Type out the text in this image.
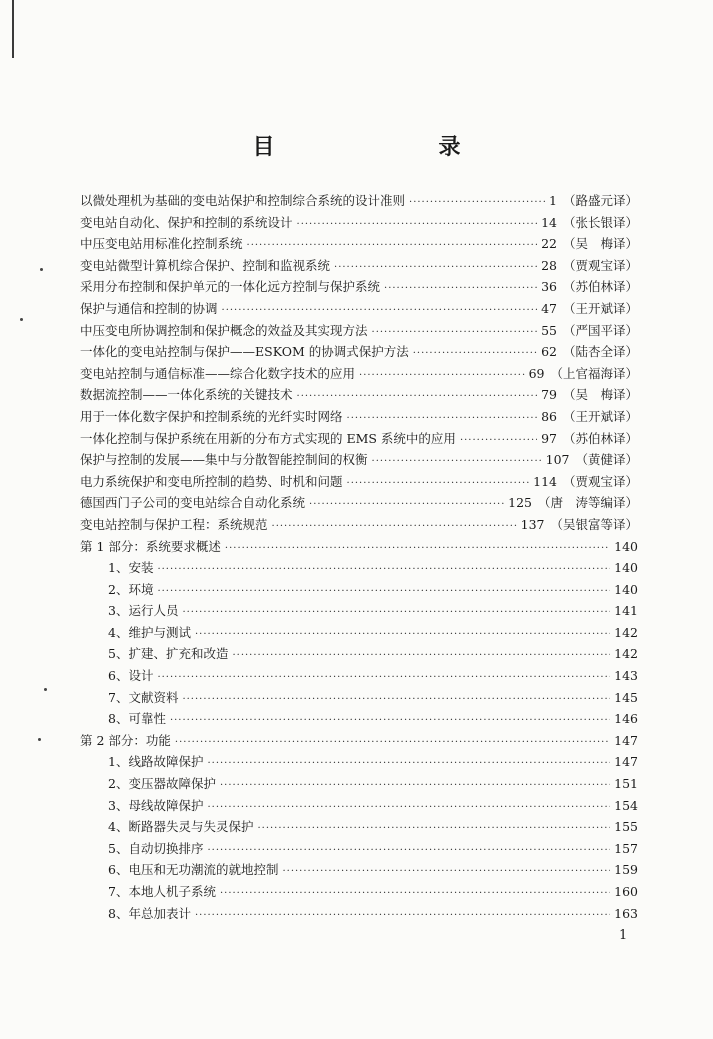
目　　录
以微处理机为基础的变电站保护和控制综合系统的设计准则 ·····	1 （路盛元译）
变电站自动化、保护和控制的系统设计 ·····	14 （张长银译）
中压变电站用标准化控制系统 ·····	22 （吴　梅译）
变电站微型计算机综合保护、控制和监视系统 ·····	28 （贾观宝译）
采用分布控制和保护单元的一体化远方控制与保护系统 ·····	36 （苏伯林译）
保护与通信和控制的协调 ·····	47 （王开斌译）
中压变电所协调控制和保护概念的效益及其实现方法 ·····	55 （严国平译）
一体化的变电站控制与保护——ESKOM 的协调式保护方法 ·····	62 （陆杏全译）
变电站控制与通信标准——综合化数字技术的应用 ·····	69 （上官福海译）
数据流控制——一体化系统的关键技术 ·····	79 （吴　梅译）
用于一体化数字保护和控制系统的光纤实时网络 ·····	86 （王开斌译）
一体化控制与保护系统在用新的分布方式实现的 EMS 系统中的应用 ·····	97 （苏伯林译）
保护与控制的发展——集中与分散智能控制间的权衡 ·····	107 （黄健译）
电力系统保护和变电所控制的趋势、时机和问题 ·····	114 （贾观宝译）
德国西门子公司的变电站综合自动化系统 ·····	125 （唐　涛等编译）
变电站控制与保护工程：系统规范 ·····	137 （吴银富等译）
第 1 部分：系统要求概述 ·····	140
1、安装 ·····	140
2、环境 ·····	140
3、运行人员 ·····	141
4、维护与测试 ·····	142
5、扩建、扩充和改造 ·····	142
6、设计 ·····	143
7、文献资料 ·····	145
8、可靠性 ·····	146
第 2 部分：功能 ·····	147
1、线路故障保护 ·····	147
2、变压器故障保护 ·····	151
3、母线故障保护 ·····	154
4、断路器失灵与失灵保护 ·····	155
5、自动切换排序 ·····	157
6、电压和无功潮流的就地控制 ·····	159
7、本地人机子系统 ·····	160
8、年总加表计 ·····	163
1
